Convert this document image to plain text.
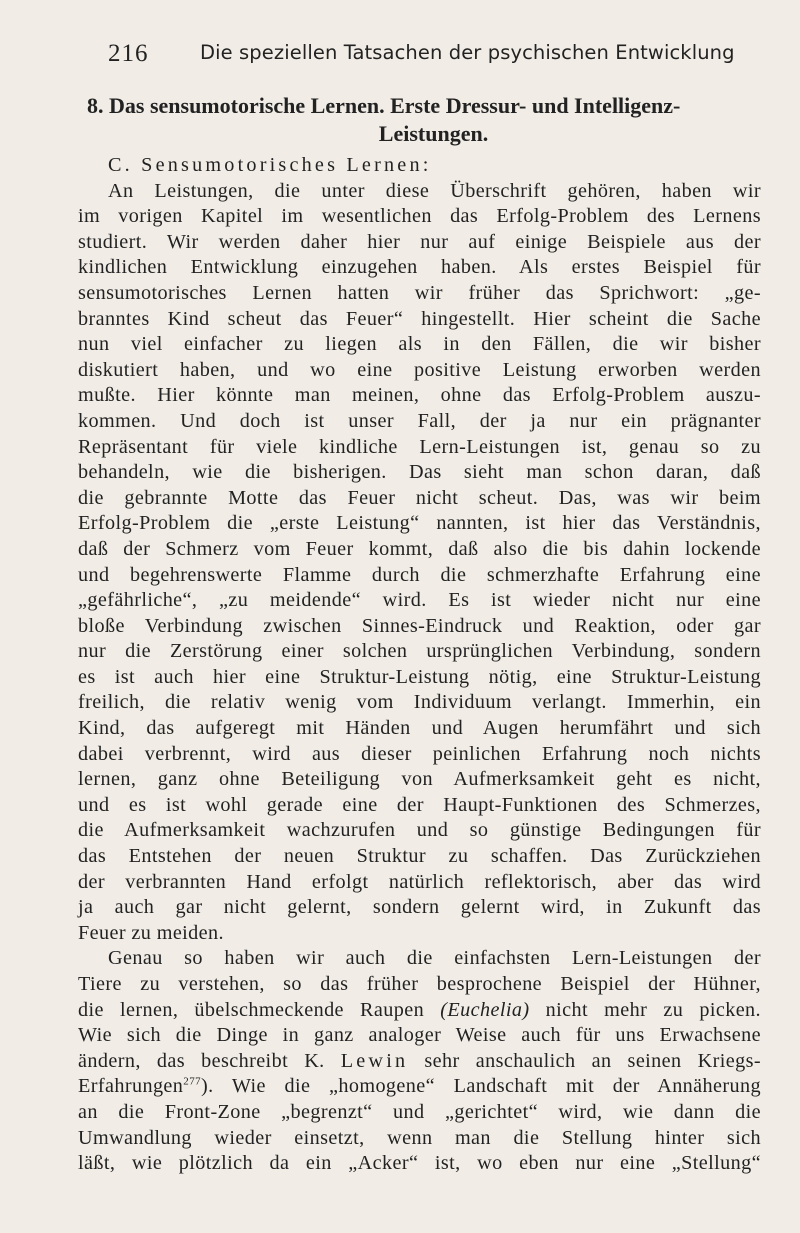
216	Die speziellen Tatsachen der psychischen Entwicklung
8. Das sensumotorische Lernen. Erste Dressur- und Intelligenz-
Leistungen.
C. Sensumotorisches Lernen:
An Leistungen, die unter diese Überschrift gehören, haben wir
im vorigen Kapitel im wesentlichen das Erfolg-Problem des Lernens
studiert. Wir werden daher hier nur auf einige Beispiele aus der
kindlichen Entwicklung einzugehen haben. Als erstes Beispiel für
sensumotorisches Lernen hatten wir früher das Sprichwort: „ge-
branntes Kind scheut das Feuer“ hingestellt. Hier scheint die Sache
nun viel einfacher zu liegen als in den Fällen, die wir bisher
diskutiert haben, und wo eine positive Leistung erworben werden
mußte. Hier könnte man meinen, ohne das Erfolg-Problem auszu-
kommen. Und doch ist unser Fall, der ja nur ein prägnanter
Repräsentant für viele kindliche Lern-Leistungen ist, genau so zu
behandeln, wie die bisherigen. Das sieht man schon daran, daß
die gebrannte Motte das Feuer nicht scheut. Das, was wir beim
Erfolg-Problem die „erste Leistung“ nannten, ist hier das Verständnis,
daß der Schmerz vom Feuer kommt, daß also die bis dahin lockende
und begehrenswerte Flamme durch die schmerzhafte Erfahrung eine
„gefährliche“, „zu meidende“ wird. Es ist wieder nicht nur eine
bloße Verbindung zwischen Sinnes-Eindruck und Reaktion, oder gar
nur die Zerstörung einer solchen ursprünglichen Verbindung, sondern
es ist auch hier eine Struktur-Leistung nötig, eine Struktur-Leistung
freilich, die relativ wenig vom Individuum verlangt. Immerhin, ein
Kind, das aufgeregt mit Händen und Augen herumfährt und sich
dabei verbrennt, wird aus dieser peinlichen Erfahrung noch nichts
lernen, ganz ohne Beteiligung von Aufmerksamkeit geht es nicht,
und es ist wohl gerade eine der Haupt-Funktionen des Schmerzes,
die Aufmerksamkeit wachzurufen und so günstige Bedingungen für
das Entstehen der neuen Struktur zu schaffen. Das Zurückziehen
der verbrannten Hand erfolgt natürlich reflektorisch, aber das wird
ja auch gar nicht gelernt, sondern gelernt wird, in Zukunft das
Feuer zu meiden.
Genau so haben wir auch die einfachsten Lern-Leistungen der
Tiere zu verstehen, so das früher besprochene Beispiel der Hühner,
die lernen, übelschmeckende Raupen (Euchelia) nicht mehr zu picken.
Wie sich die Dinge in ganz analoger Weise auch für uns Erwachsene
ändern, das beschreibt K. Lewin sehr anschaulich an seinen Kriegs-
Erfahrungen$^{277}$). Wie die „homogene“ Landschaft mit der Annäherung
an die Front-Zone „begrenzt“ und „gerichtet“ wird, wie dann die
Umwandlung wieder einsetzt, wenn man die Stellung hinter sich
läßt, wie plötzlich da ein „Acker“ ist, wo eben nur eine „Stellung“
